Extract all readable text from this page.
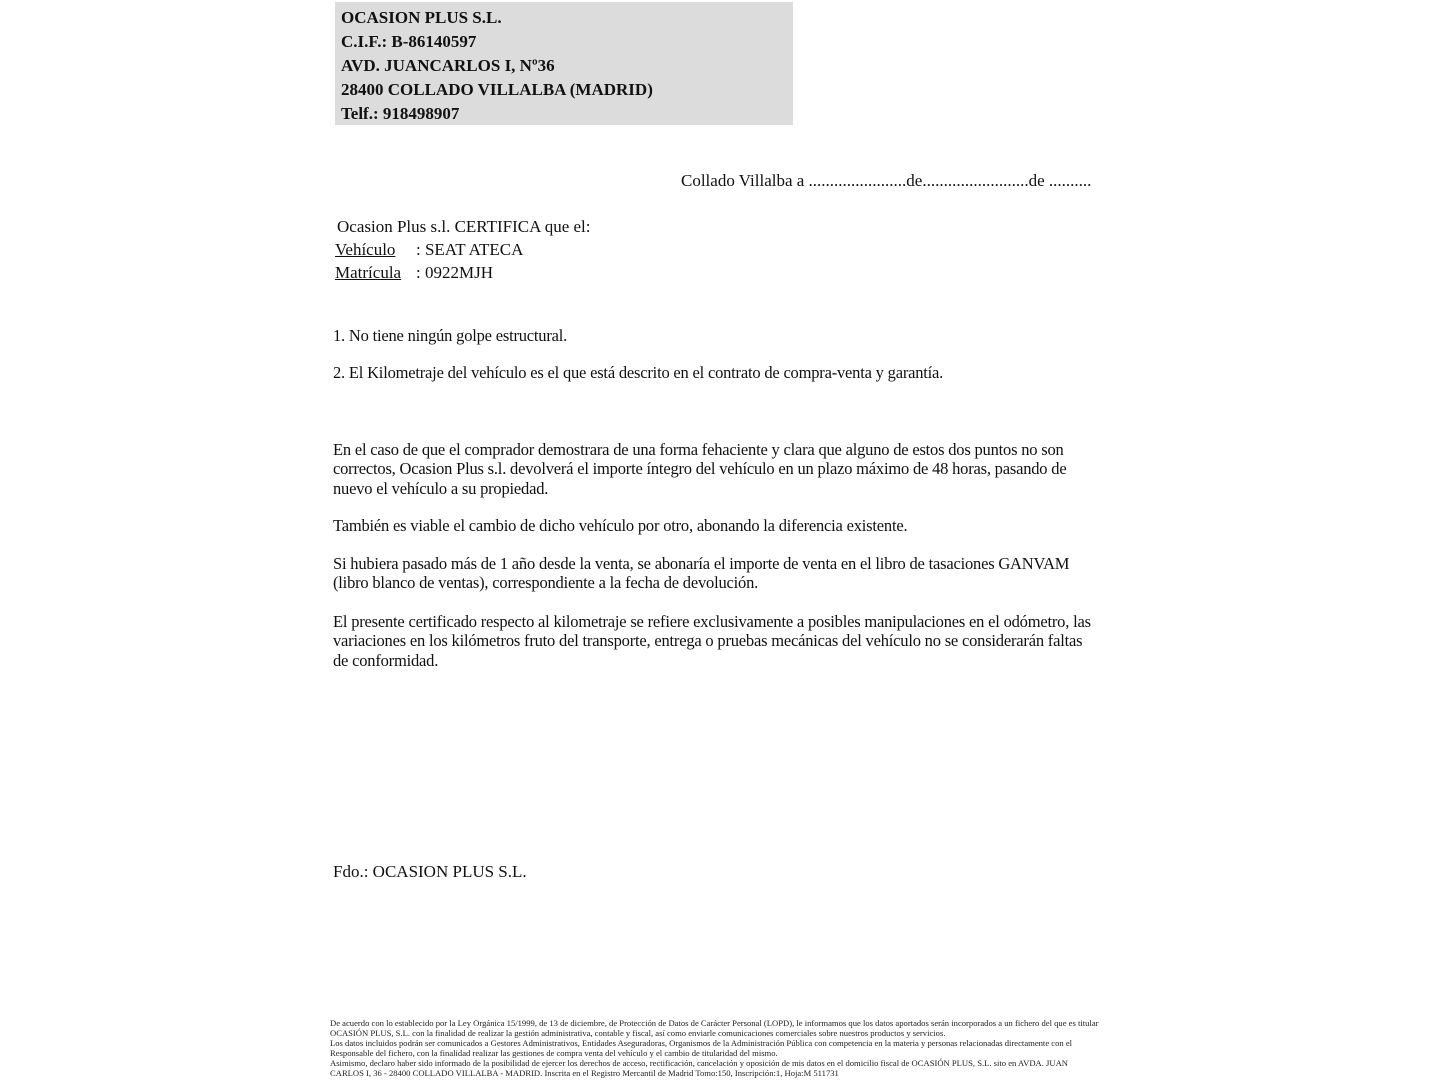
OCASION PLUS S.L.
C.I.F.: B-86140597
AVD. JUANCARLOS I, Nº36
28400 COLLADO VILLALBA (MADRID)
Telf.: 918498907
Collado Villalba a .......................de.........................de ..........
Ocasion Plus s.l. CERTIFICA que el:
Vehículo	: SEAT ATECA
Matrícula : 0922MJH
1. No tiene ningún golpe estructural.
2. El Kilometraje del vehículo es el que está descrito en el contrato de compra-venta y garantía.
En el caso de que el comprador demostrara de una forma fehaciente y clara que alguno de estos dos puntos no son correctos, Ocasion Plus s.l. devolverá el importe íntegro del vehículo en un plazo máximo de 48 horas, pasando de nuevo el vehículo a su propiedad.
También es viable el cambio de dicho vehículo por otro, abonando la diferencia existente.
Si hubiera pasado más de 1 año desde la venta, se abonaría el importe de venta en el libro de tasaciones GANVAM (libro blanco de ventas), correspondiente a la fecha de devolución.
El presente certificado respecto al kilometraje se refiere exclusivamente a posibles manipulaciones en el odómetro, las variaciones en los kilómetros fruto del transporte, entrega o pruebas mecánicas del vehículo no se considerarán faltas de conformidad.
Fdo.: OCASION PLUS S.L.
De acuerdo con lo establecido por la Ley Orgánica 15/1999, de 13 de diciembre, de Protección de Datos de Carácter Personal (LOPD), le informamos que los datos aportados serán incorporados a un fichero del que es titular
OCASIÓN PLUS, S.L. con la finalidad de realizar la gestión administrativa, contable y fiscal, así como enviarle comunicaciones comerciales sobre nuestros productos y servicios.
Los datos incluidos podrán ser comunicados a Gestores Administrativos, Entidades Aseguradoras, Organismos de la Administración Pública con competencia en la materia y personas relacionadas directamente con el
Responsable del fichero, con la finalidad realizar las gestiones de compra venta del vehículo y el cambio de titularidad del mismo.
Asimismo, declaro haber sido informado de la posibilidad de ejercer los derechos de acceso, rectificación, cancelación y oposición de mis datos en el domicilio fiscal de OCASIÓN PLUS, S.L. sito en AVDA. JUAN
CARLOS I, 36 - 28400 COLLADO VILLALBA - MADRID. Inscrita en el Registro Mercantil de Madrid Tomo:150, Inscripción:1, Hoja:M 511731
